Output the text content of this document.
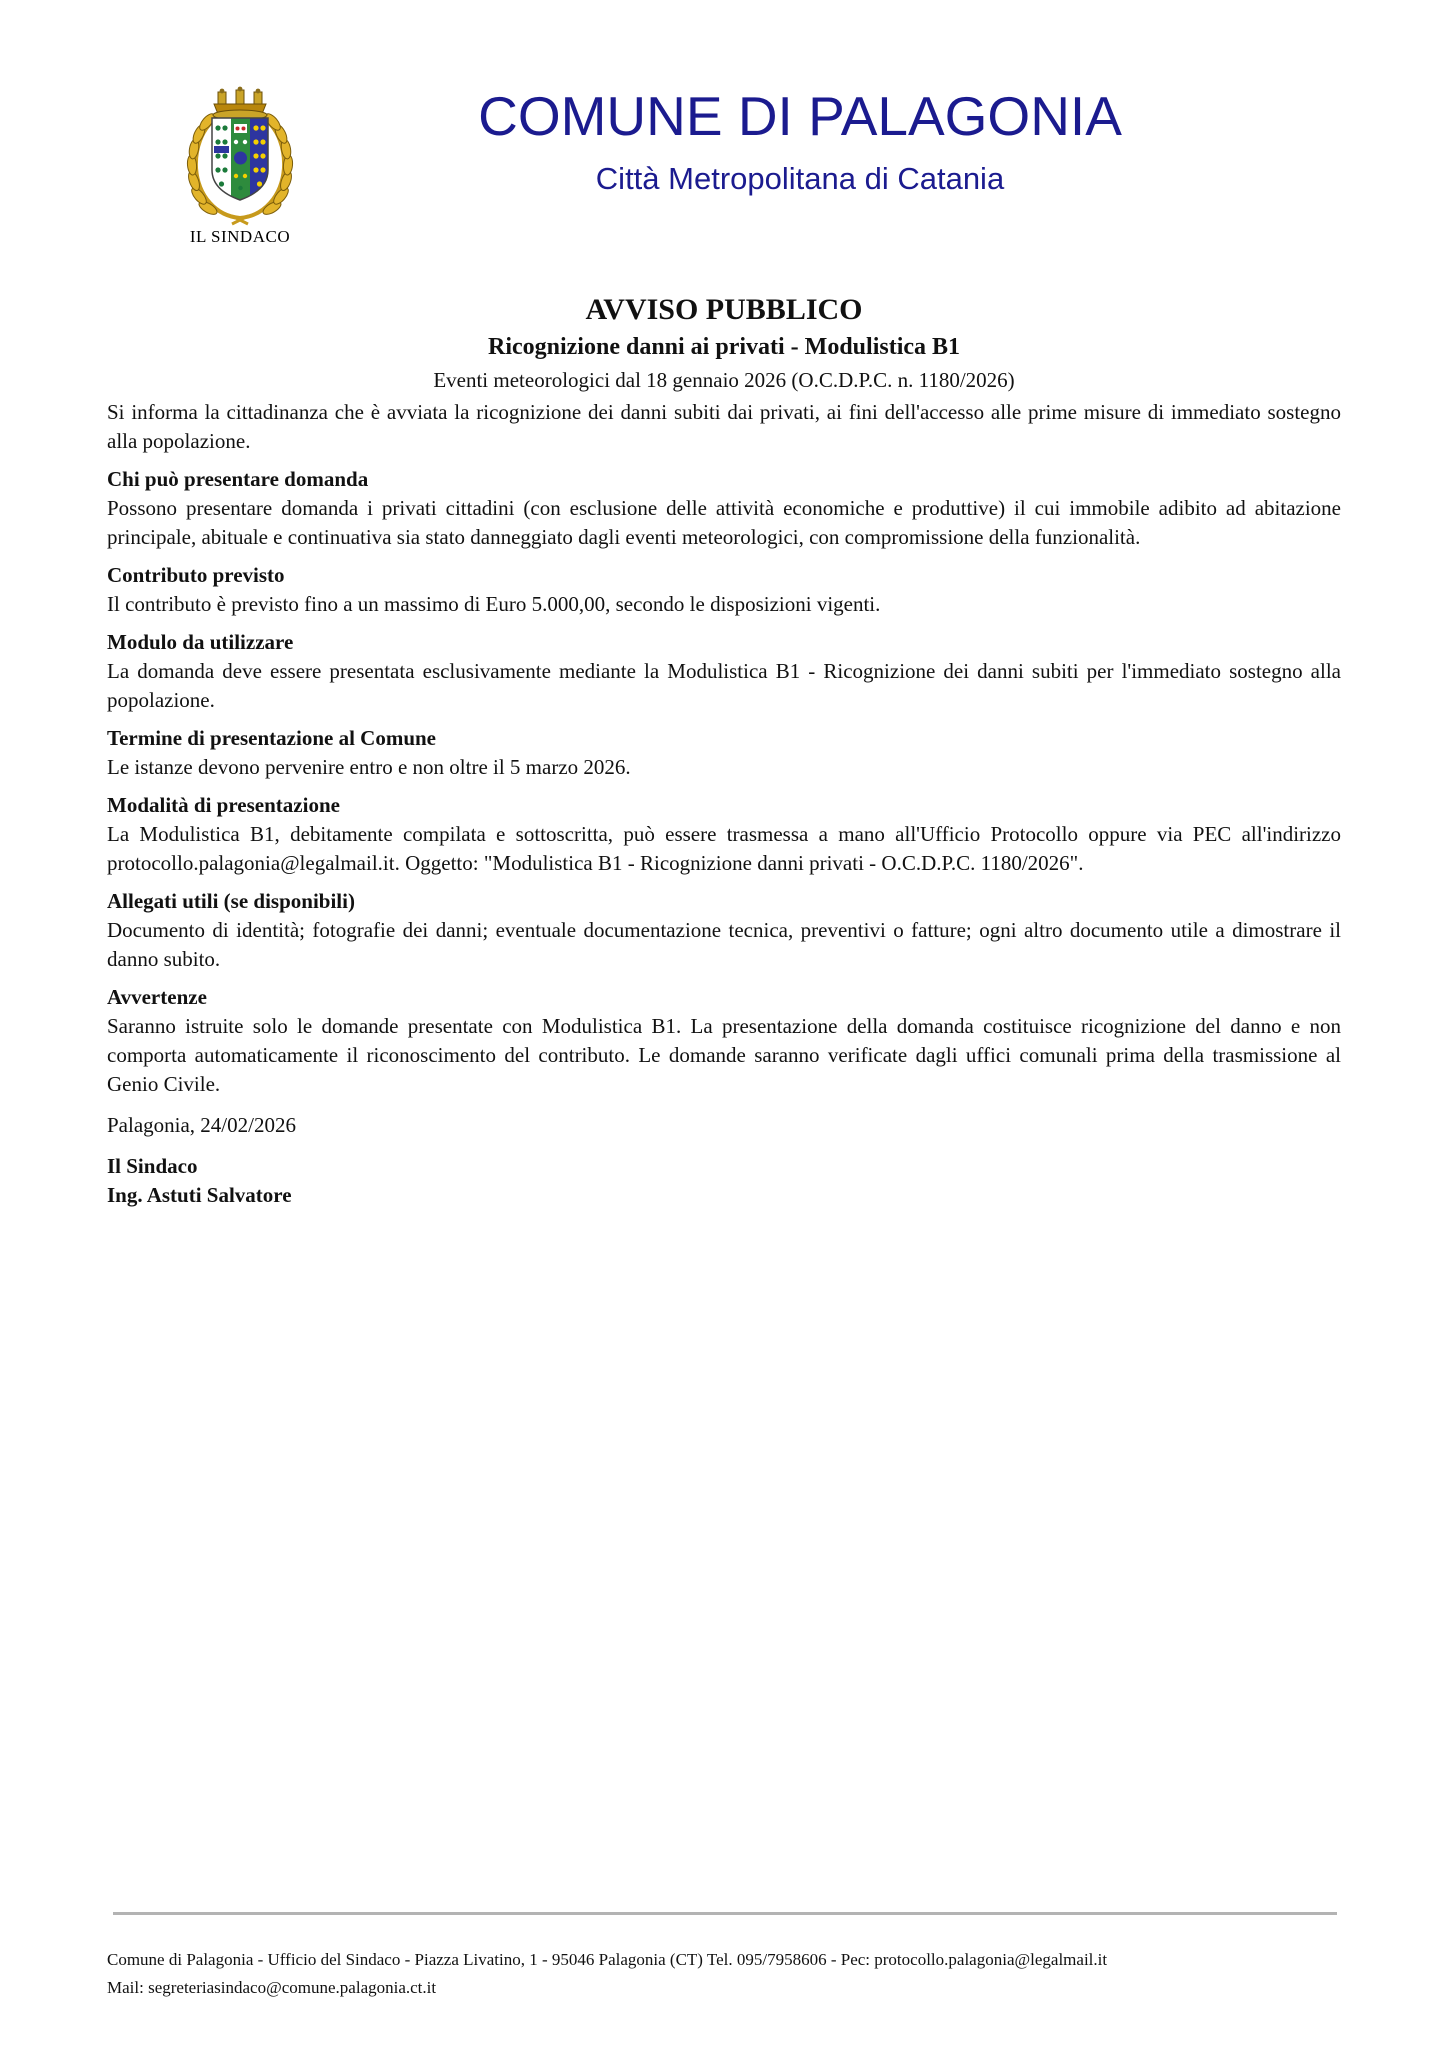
IL SINDACO
COMUNE DI PALAGONIA
Città Metropolitana di Catania
AVVISO PUBBLICO
Ricognizione danni ai privati - Modulistica B1
Eventi meteorologici dal 18 gennaio 2026 (O.C.D.P.C. n. 1180/2026)

Si informa la cittadinanza che è avviata la ricognizione dei danni subiti dai privati, ai fini dell'accesso alle prime misure di immediato sostegno alla popolazione.

Chi può presentare domanda

Possono presentare domanda i privati cittadini (con esclusione delle attività economiche e produttive) il cui immobile adibito ad abitazione principale, abituale e continuativa sia stato danneggiato dagli eventi meteorologici, con compromissione della funzionalità.

Contributo previsto

Il contributo è previsto fino a un massimo di Euro 5.000,00, secondo le disposizioni vigenti.

Modulo da utilizzare

La domanda deve essere presentata esclusivamente mediante la Modulistica B1 - Ricognizione dei danni subiti per l'immediato sostegno alla popolazione.

Termine di presentazione al Comune

Le istanze devono pervenire entro e non oltre il 5 marzo 2026.

Modalità di presentazione

La Modulistica B1, debitamente compilata e sottoscritta, può essere trasmessa a mano all'Ufficio Protocollo oppure via PEC all'indirizzo protocollo.palagonia@legalmail.it. Oggetto: "Modulistica B1 - Ricognizione danni privati - O.C.D.P.C. 1180/2026".

Allegati utili (se disponibili)

Documento di identità; fotografie dei danni; eventuale documentazione tecnica, preventivi o fatture; ogni altro documento utile a dimostrare il danno subito.

Avvertenze

Saranno istruite solo le domande presentate con Modulistica B1. La presentazione della domanda costituisce ricognizione del danno e non comporta automaticamente il riconoscimento del contributo. Le domande saranno verificate dagli uffici comunali prima della trasmissione al Genio Civile.

Palagonia, 24/02/2026

Il Sindaco

Ing. Astuti Salvatore

Comune di Palagonia - Ufficio del Sindaco - Piazza Livatino, 1 - 95046 Palagonia (CT) Tel. 095/7958606 - Pec: protocollo.palagonia@legalmail.it
Mail: segreteriasindaco@comune.palagonia.ct.it
